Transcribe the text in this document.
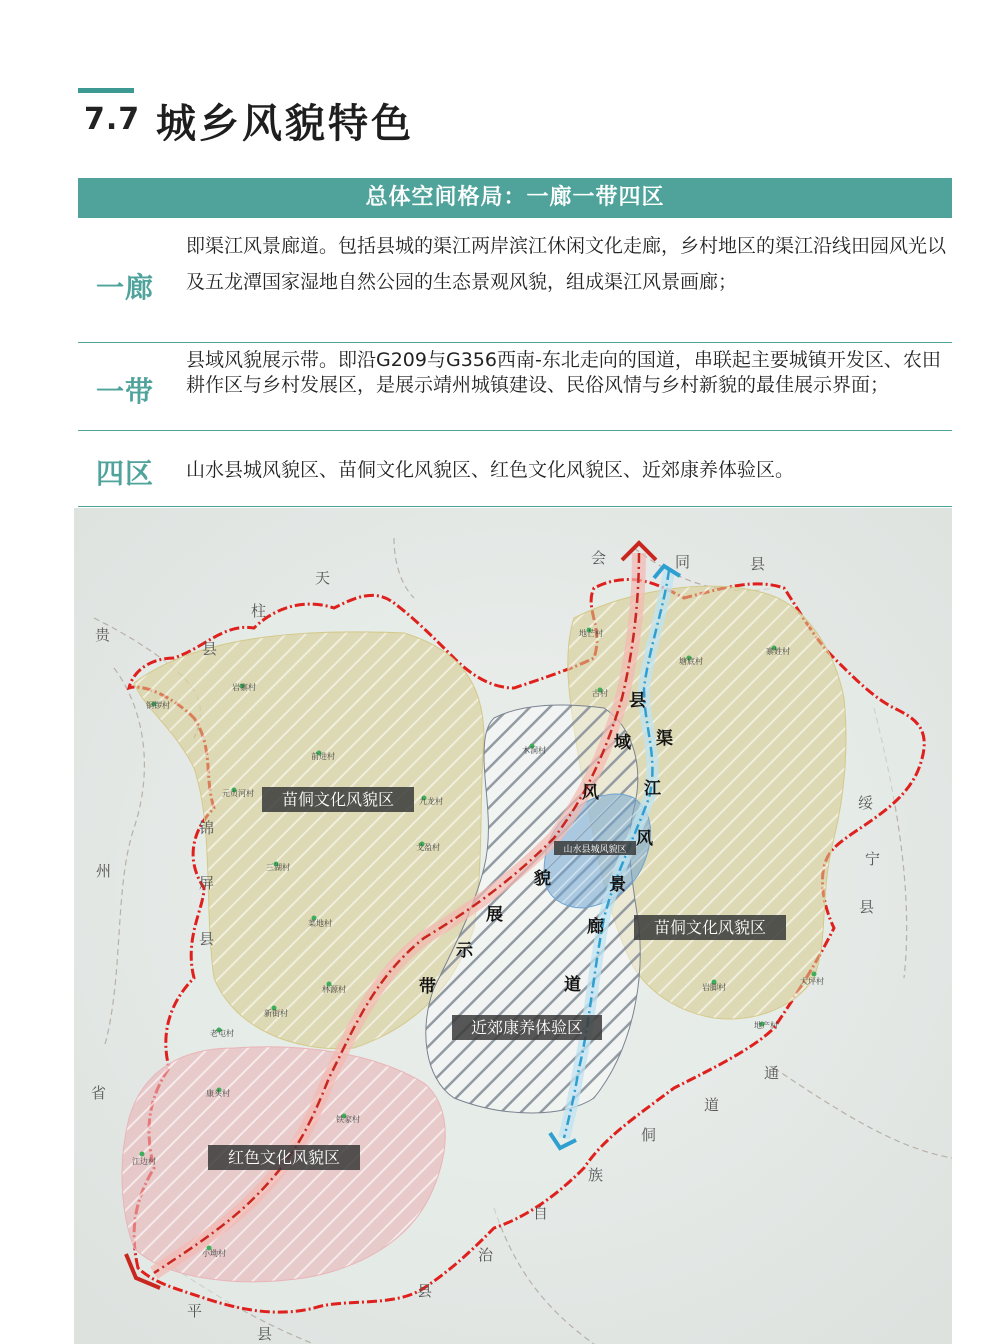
7.7 城乡风貌特色
总体空间格局：一廊一带四区
一廊
即渠江风景廊道。包括县城的渠江两岸滨江休闲文化走廊，乡村地区的渠江沿线田园风光以及五龙潭国家湿地自然公园的生态景观风貌，组成渠江风景画廊；
一带
县域风貌展示带。即沿G209与G356西南-东北走向的国道，串联起主要城镇开发区、农田耕作区与乡村发展区，是展示靖州城镇建设、民俗风情与乡村新貌的最佳展示界面；
四区 山水县城风貌区、苗侗文化风貌区、红色文化风貌区、近郊康养体验区。
苗侗文化风貌区
苗侗文化风貌区
山水县城风貌区
近郊康养体验区
红色文化风貌区
县
域
风
貌
展
示
带
渠
江
风
景
廊
道
天
柱
贵
县
会	同	县
绥
宁
县
通
道
侗
族
自
治
县
锦
屏
县
州
省
平
县
铜锣村
岩寨村
前进村
元贞河村
九龙村
戈盈村
三湖村
菜地村
林源村
新街村
老屯村
地芒村
塘底村
寨姓村
木洞村
岩脚村
大坪村
地产村
康头村
铁家村
江边村
小坳村
古村
